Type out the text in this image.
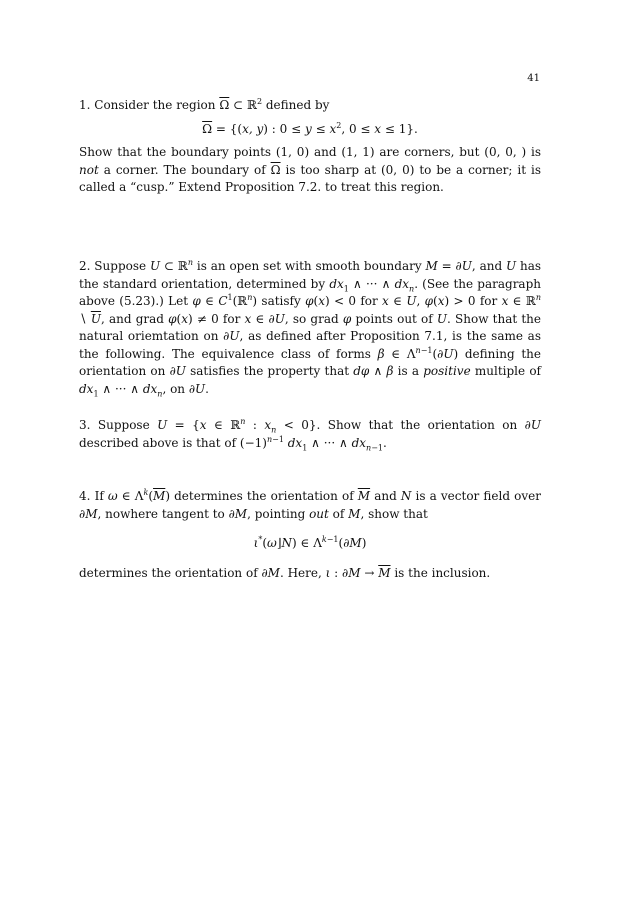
41
1. Consider the region $\overline{\Omega}$ ⊂ ℝ$^2$ defined by
$\overline{\Omega} = \{(x$, y) : $0 \le y \le x^2$, 0 ≤ x ≤ 1}.
Show that the boundary points (1, 0) and (1, 1) are corners, but (0, 0, ) is not a corner. The boundary of $\overline{\Omega}$ is too sharp at (0, 0) to be a corner; it is called a “cusp.” Extend Proposition 7.2. to treat this region.
2. Suppose U ⊂ ℝ$^n$ is an open set with smooth boundary M = ∂U, and U has the standard orientation, determined by $dx_1$ ∧ ··· ∧ $dx_n$. (See the paragraph above (5.23).) Let φ ∈ $C^1(ℝ^n)$ satisfy φ(x) < 0 for x ∈ U, φ(x) > 0 for x ∈ ℝ$^n$ ∖ $\overline{U}$, and grad φ(x) ≠ 0 for x ∈ ∂U, so grad φ points out of U. Show that the natural oriemtation on ∂U, as defined after Proposition 7.1, is the same as the following. The equivalence class of forms β ∈ $\Lambda^{n-1}(\partial U)$ defining the orientation on ∂U satisfies the property that dφ ∧ β is a positive multiple of $dx_1$ ∧ ··· ∧ $dx_n$, on ∂U.
3. Suppose U = {x ∈ ℝ$^n$ : $x_n < 0$}. Show that the orientation on ∂U described above is that of $(-1)^{n-1}$ $dx_1$ ∧ ··· ∧ $dx_{n-1}$.
4. If ω ∈ $\Lambda^k(\overline{M})$ determines the orientation of $\overline{M}$ and N is a vector field over ∂M, nowhere tangent to ∂M, pointing out of M, show that
ι*(ω⌋N) ∈ $\Lambda^{k-1}(\partial M)$
determines the orientation of ∂M. Here, ι : $\partial M \to \overline{M}$ is the inclusion.
